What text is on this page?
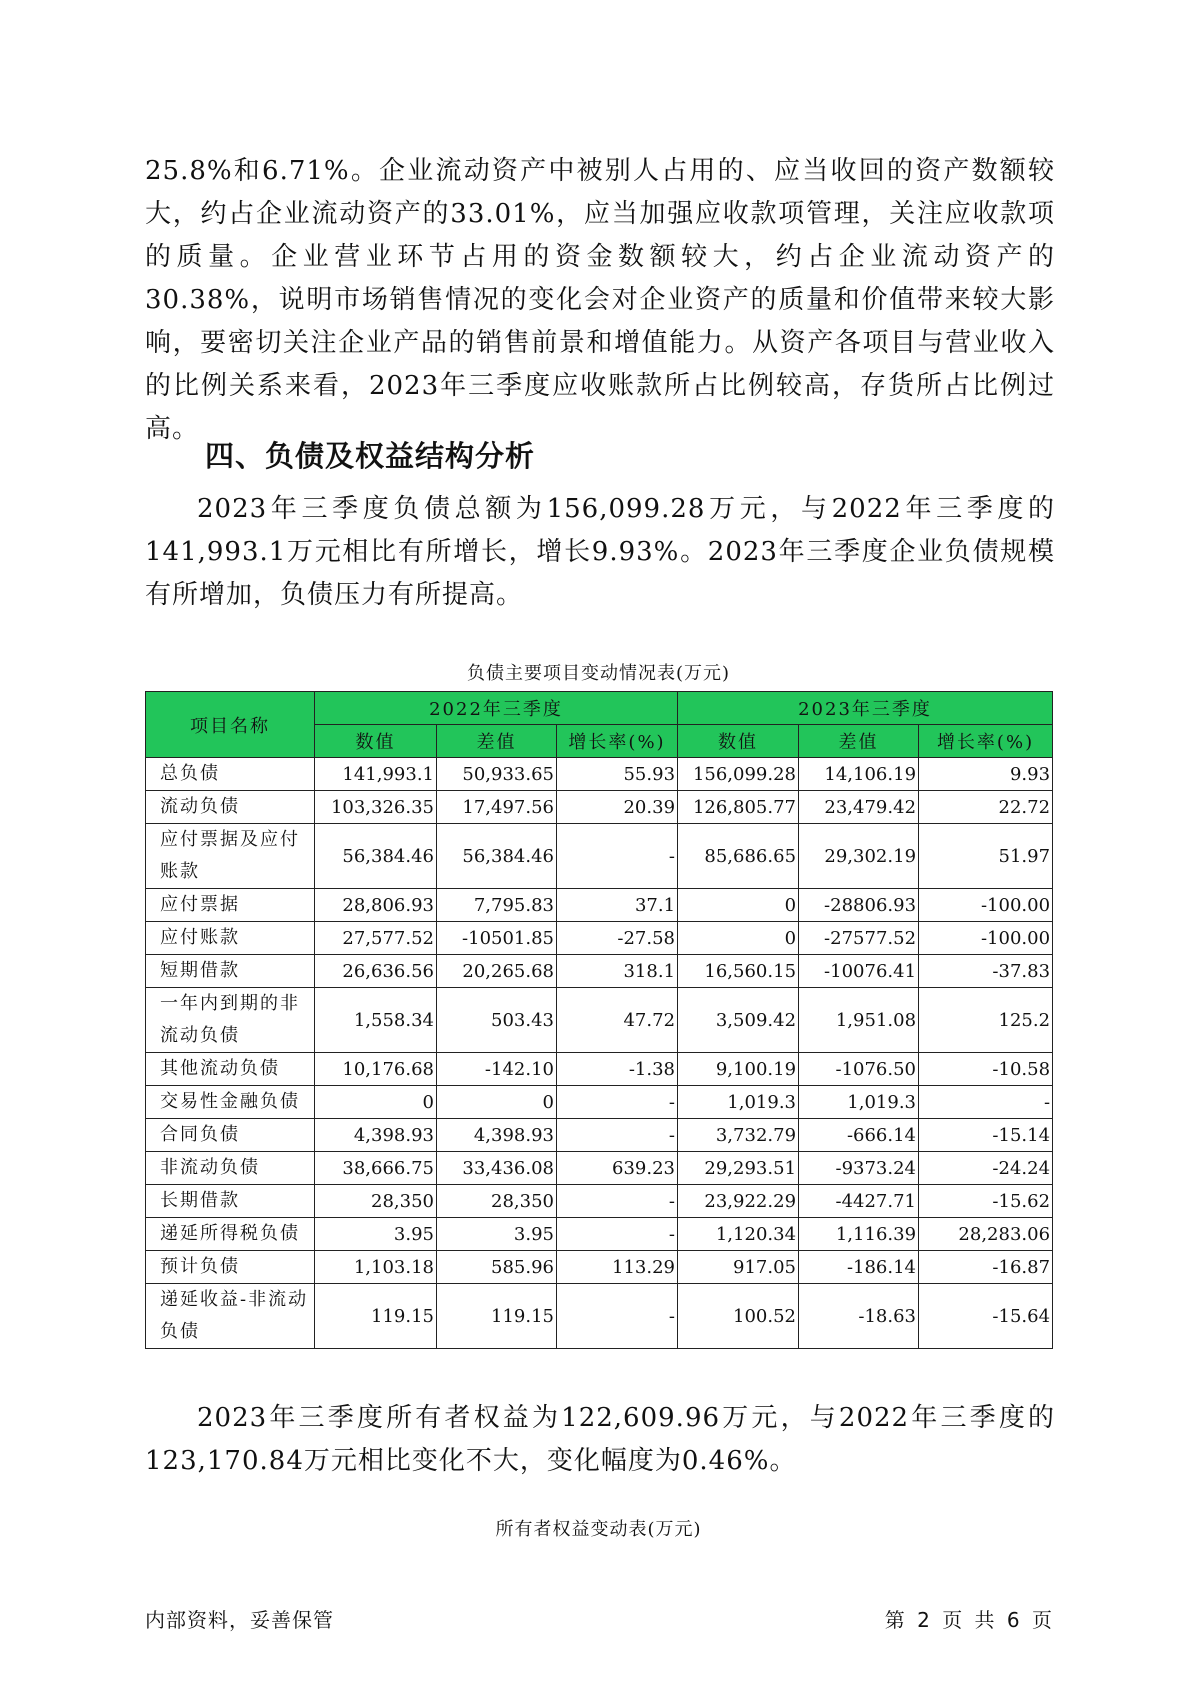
25.8%和6.71%。企业流动资产中被别人占用的、应当收回的资产数额较大，约占企业流动资产的33.01%，应当加强应收款项管理，关注应收款项的质量。企业营业环节占用的资金数额较大，约占企业流动资产的30.38%，说明市场销售情况的变化会对企业资产的质量和价值带来较大影响，要密切关注企业产品的销售前景和增值能力。从资产各项目与营业收入的比例关系来看，2023年三季度应收账款所占比例较高，存货所占比例过高。

四、负债及权益结构分析

2023年三季度负债总额为156,099.28万元，与2022年三季度的141,993.1万元相比有所增长，增长9.93%。2023年三季度企业负债规模有所增加，负债压力有所提高。

负债主要项目变动情况表(万元)
项目名称	2022年三季度			2023年三季度		
	数值	差值	增长率(%)	数值	差值	增长率(%)
总负债	141,993.1	50,933.65	55.93	156,099.28	14,106.19	9.93
流动负债	103,326.35	17,497.56	20.39	126,805.77	23,479.42	22.72
应付票据及应付账款	56,384.46	56,384.46	-	85,686.65	29,302.19	51.97
应付票据	28,806.93	7,795.83	37.1	0	-28806.93	-100.00
应付账款	27,577.52	-10501.85	-27.58	0	-27577.52	-100.00
短期借款	26,636.56	20,265.68	318.1	16,560.15	-10076.41	-37.83
一年内到期的非流动负债	1,558.34	503.43	47.72	3,509.42	1,951.08	125.2
其他流动负债	10,176.68	-142.10	-1.38	9,100.19	-1076.50	-10.58
交易性金融负债	0	0	-	1,019.3	1,019.3	-
合同负债	4,398.93	4,398.93	-	3,732.79	-666.14	-15.14
非流动负债	38,666.75	33,436.08	639.23	29,293.51	-9373.24	-24.24
长期借款	28,350	28,350	-	23,922.29	-4427.71	-15.62
递延所得税负债	3.95	3.95	-	1,120.34	1,116.39	28,283.06
预计负债	1,103.18	585.96	113.29	917.05	-186.14	-16.87
递延收益-非流动负债	119.15	119.15	-	100.52	-18.63	-15.64

2023年三季度所有者权益为122,609.96万元，与2022年三季度的123,170.84万元相比变化不大，变化幅度为0.46%。

所有者权益变动表(万元)
内部资料，妥善保管	第 2 页 共 6 页
